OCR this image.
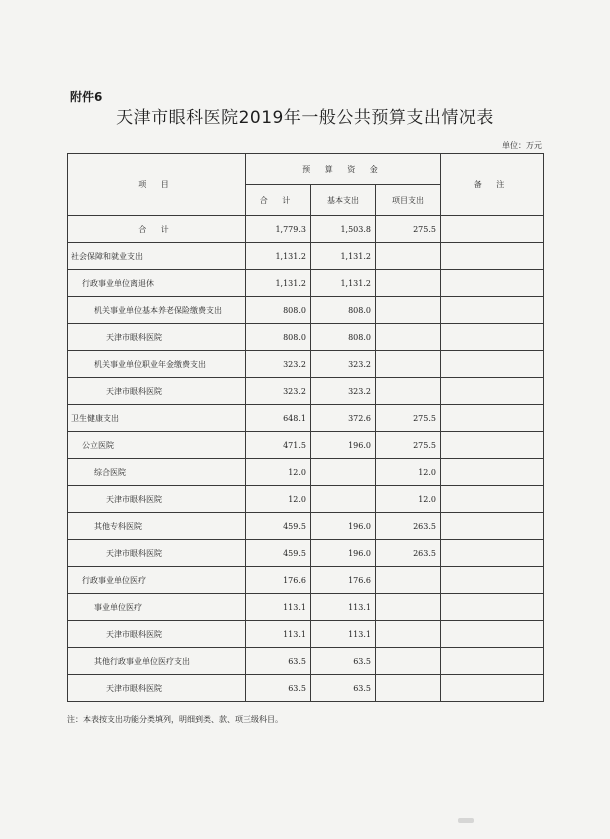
附件6
天津市眼科医院2019年一般公共预算支出情况表
单位：万元
项 目	预 算 资 金			备 注
	合 计	基本支出	项目支出	
合 计	1,779.3	1,503.8	275.5	
社会保障和就业支出	1,131.2	1,131.2		
行政事业单位离退休	1,131.2	1,131.2		
机关事业单位基本养老保险缴费支出	808.0	808.0		
天津市眼科医院	808.0	808.0		
机关事业单位职业年金缴费支出	323.2	323.2		
天津市眼科医院	323.2	323.2		
卫生健康支出	648.1	372.6	275.5	
公立医院	471.5	196.0	275.5	
综合医院	12.0		12.0	
天津市眼科医院	12.0		12.0	
其他专科医院	459.5	196.0	263.5	
天津市眼科医院	459.5	196.0	263.5	
行政事业单位医疗	176.6	176.6		
事业单位医疗	113.1	113.1		
天津市眼科医院	113.1	113.1		
其他行政事业单位医疗支出	63.5	63.5		
天津市眼科医院	63.5	63.5		
注：本表按支出功能分类填列，明细到类、款、项三级科目。
